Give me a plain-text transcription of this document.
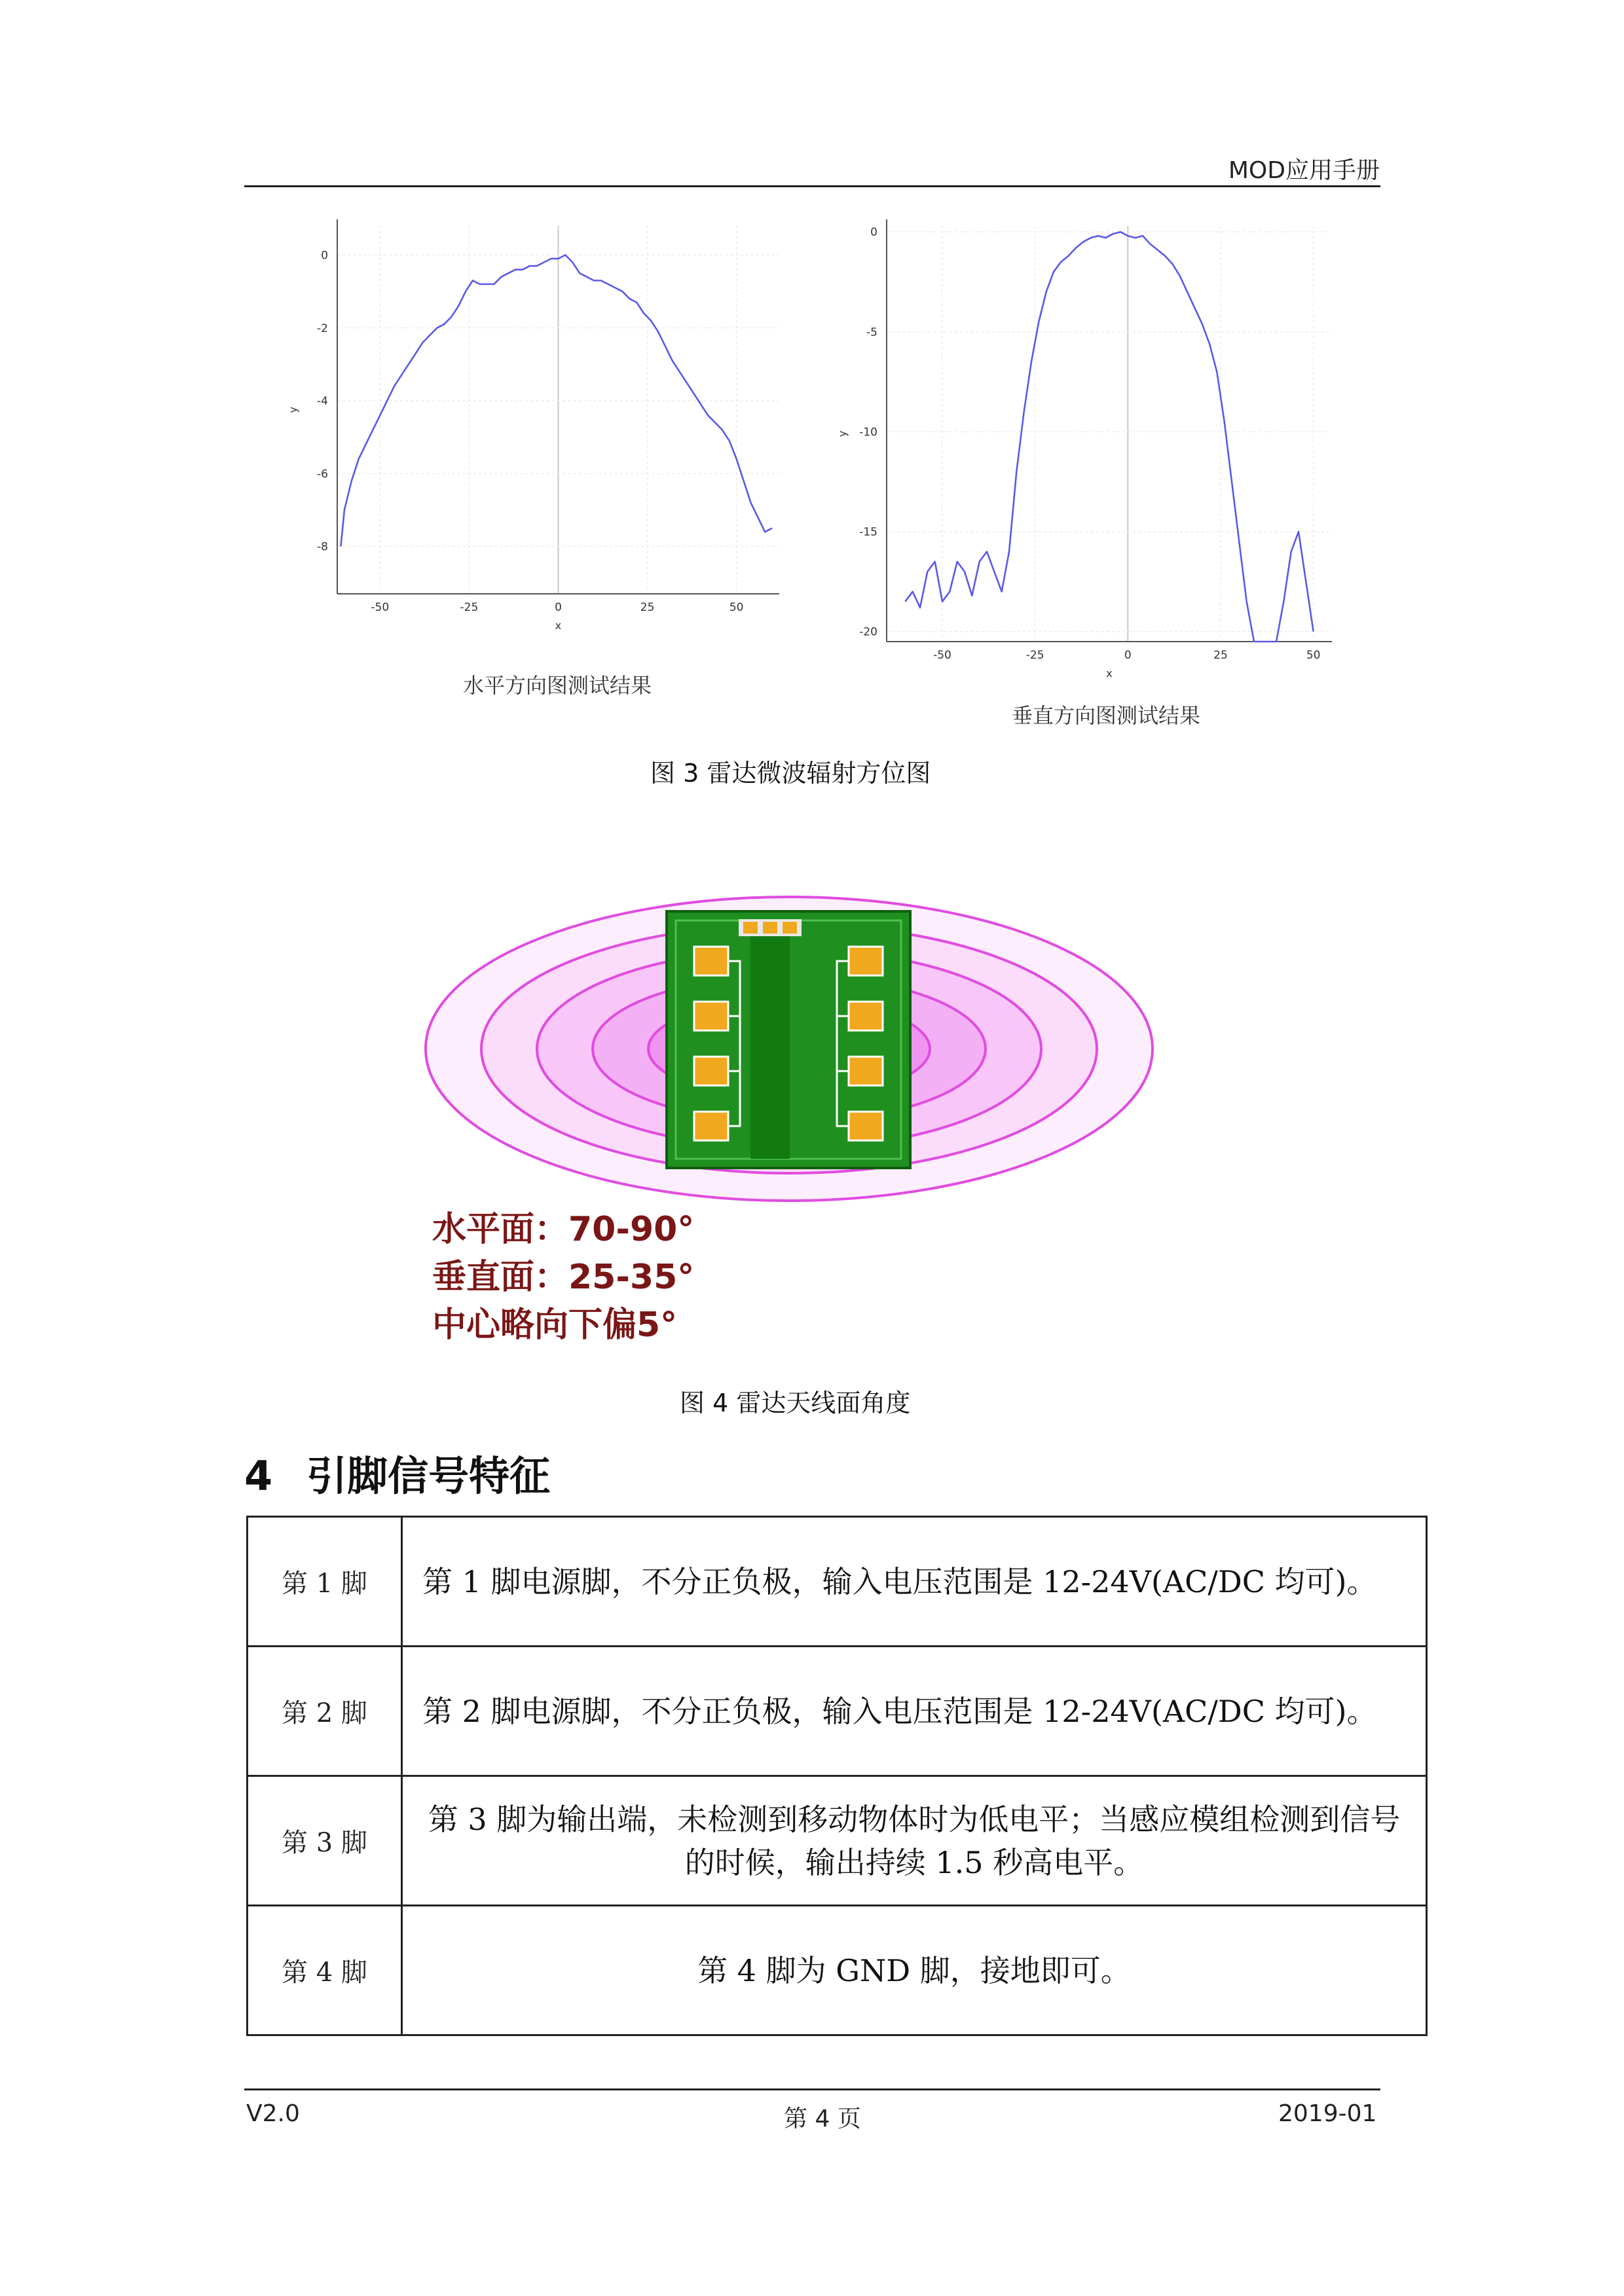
MOD应用手册
-50	-25	0	25	50
0
-2
-4
-6
-8
x
y
水平方向图测试结果
-50	-25	0	25	50
0
-5
-10
-15
-20
x
y
垂直方向图测试结果
图 3 雷达微波辐射方位图
水平面：70-90°
垂直面：25-35°
中心略向下偏5°
图 4 雷达天线面角度
4 引脚信号特征
第 1 脚	第 1 脚电源脚，不分正负极，输入电压范围是 12-24V(AC/DC 均可)。
第 2 脚	第 2 脚电源脚，不分正负极，输入电压范围是 12-24V(AC/DC 均可)。
第 3 脚	第 3 脚为输出端，未检测到移动物体时为低电平；当感应模组检测到信号的时候，输出持续 1.5 秒高电平。
第 4 脚	第 4 脚为 GND 脚，接地即可。
V2.0	第 4 页	2019-01
